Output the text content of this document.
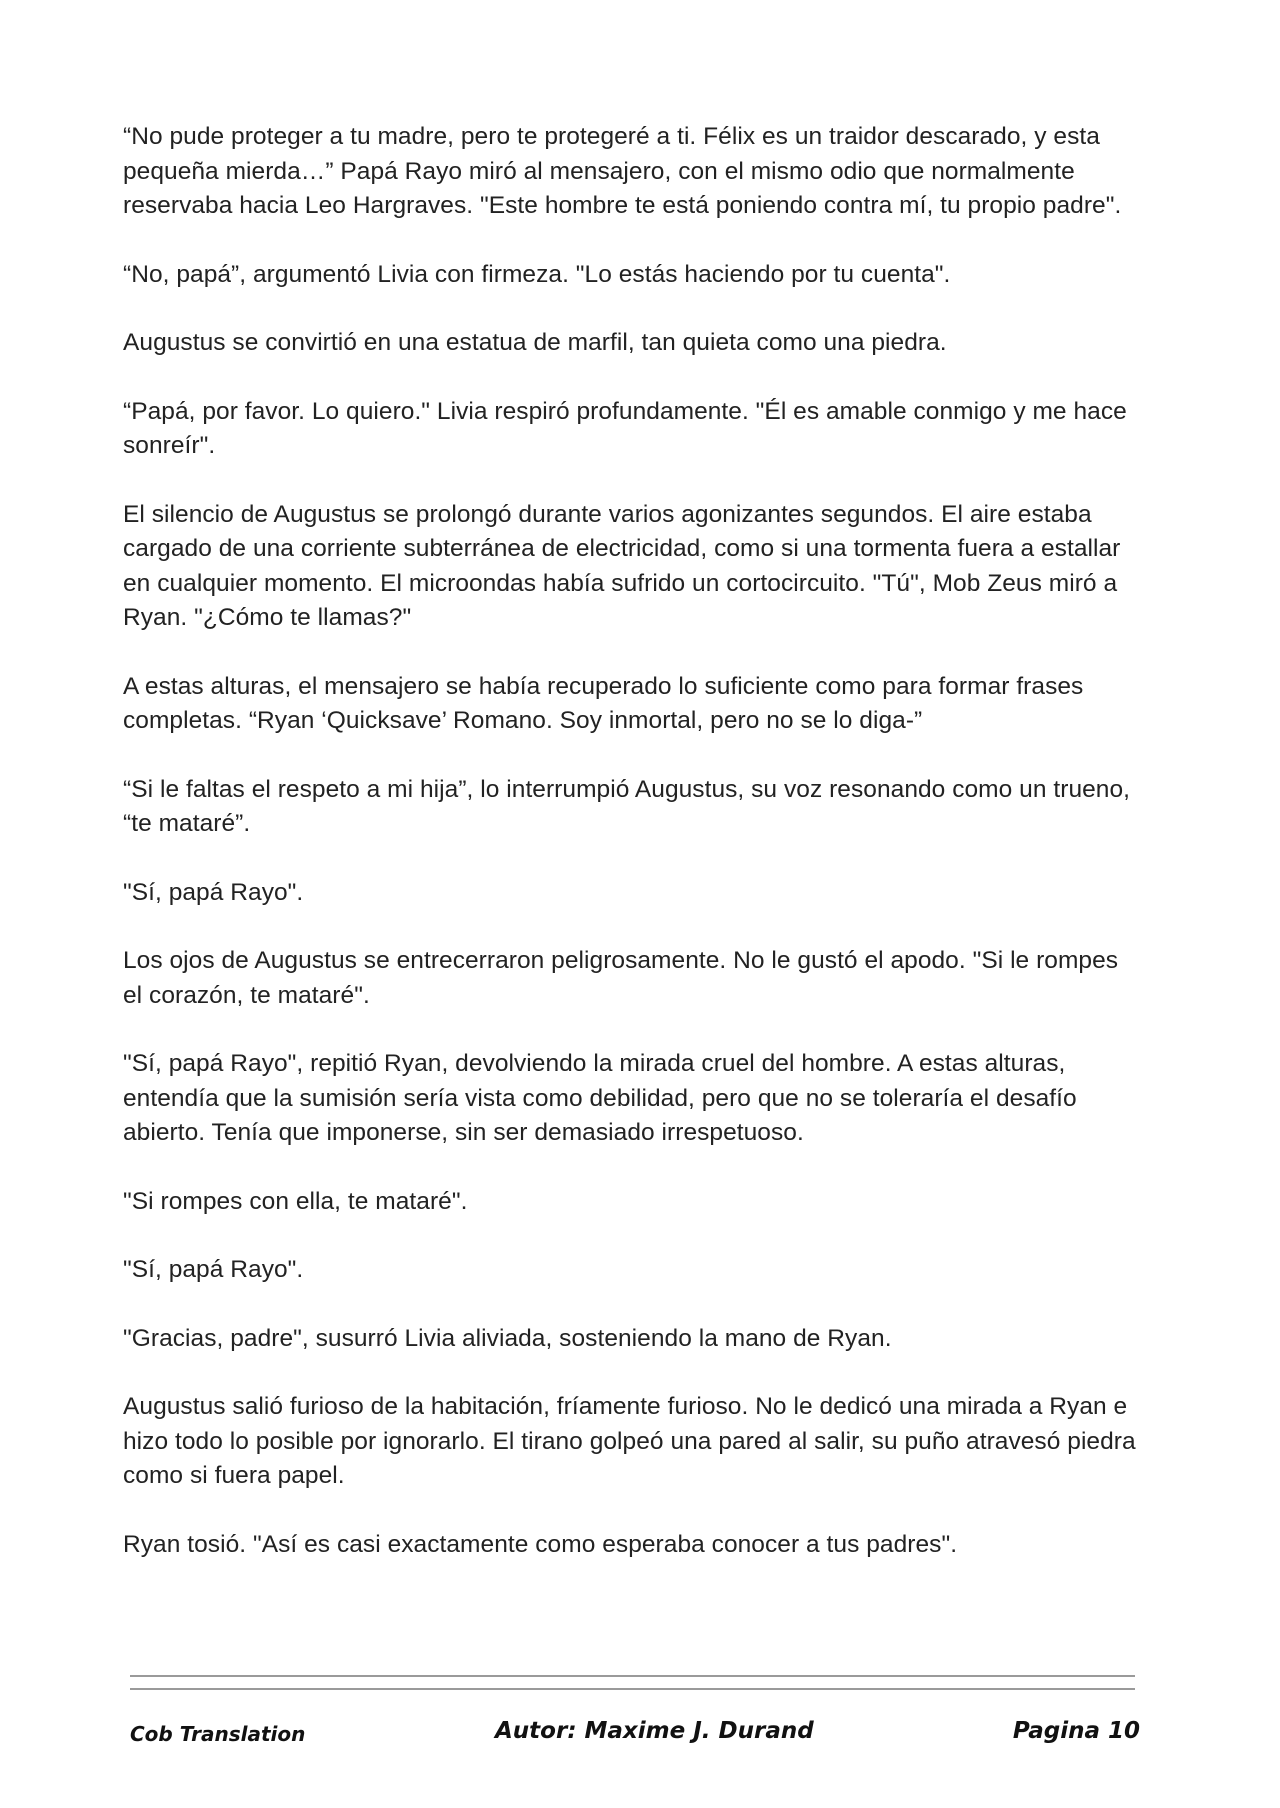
“No pude proteger a tu madre, pero te protegeré a ti. Félix es un traidor descarado, y esta pequeña mierda…” Papá Rayo miró al mensajero, con el mismo odio que normalmente reservaba hacia Leo Hargraves. "Este hombre te está poniendo contra mí, tu propio padre".

“No, papá”, argumentó Livia con firmeza. "Lo estás haciendo por tu cuenta".

Augustus se convirtió en una estatua de marfil, tan quieta como una piedra.

“Papá, por favor. Lo quiero." Livia respiró profundamente. "Él es amable conmigo y me hace sonreír".

El silencio de Augustus se prolongó durante varios agonizantes segundos. El aire estaba cargado de una corriente subterránea de electricidad, como si una tormenta fuera a estallar en cualquier momento. El microondas había sufrido un cortocircuito. "Tú", Mob Zeus miró a Ryan. "¿Cómo te llamas?"

A estas alturas, el mensajero se había recuperado lo suficiente como para formar frases completas. “Ryan ‘Quicksave’ Romano. Soy inmortal, pero no se lo diga-”

“Si le faltas el respeto a mi hija”, lo interrumpió Augustus, su voz resonando como un trueno, “te mataré”.

"Sí, papá Rayo".

Los ojos de Augustus se entrecerraron peligrosamente. No le gustó el apodo. "Si le rompes el corazón, te mataré".

"Sí, papá Rayo", repitió Ryan, devolviendo la mirada cruel del hombre. A estas alturas, entendía que la sumisión sería vista como debilidad, pero que no se toleraría el desafío abierto. Tenía que imponerse, sin ser demasiado irrespetuoso.

"Si rompes con ella, te mataré".

"Sí, papá Rayo".

"Gracias, padre", susurró Livia aliviada, sosteniendo la mano de Ryan.

Augustus salió furioso de la habitación, fríamente furioso. No le dedicó una mirada a Ryan e hizo todo lo posible por ignorarlo. El tirano golpeó una pared al salir, su puño atravesó piedra como si fuera papel.

Ryan tosió. "Así es casi exactamente como esperaba conocer a tus padres".

Cob Translation	Autor: Maxime J. Durand	Pagina 10
